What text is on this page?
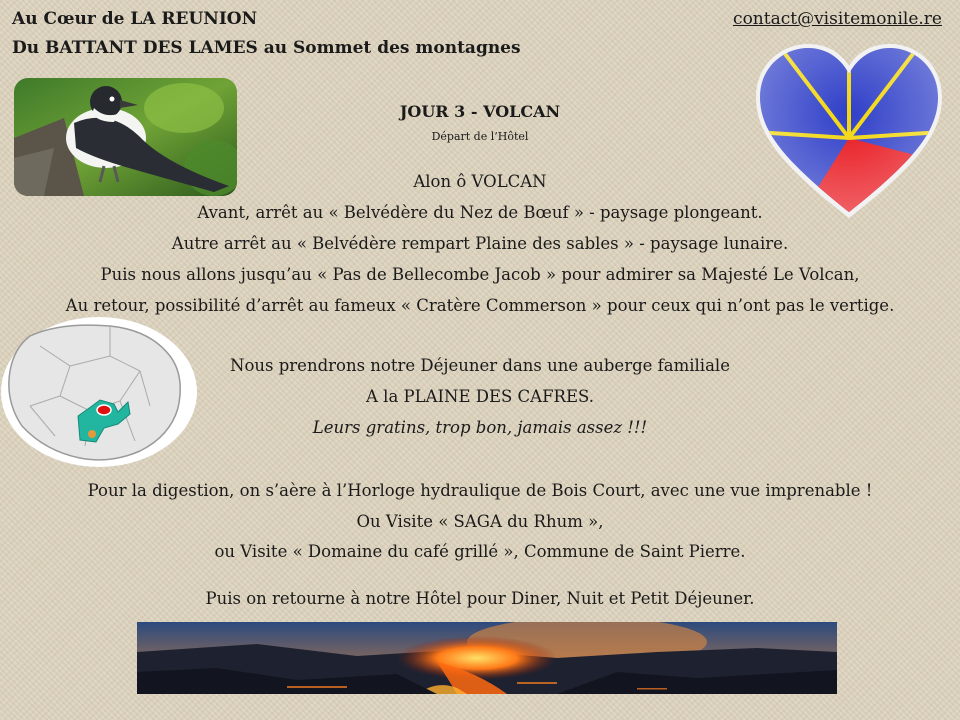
Au Cœur de LA REUNION
Du BATTANT DES LAMES au Sommet des montagnes
contact@visitemonile.re
JOUR 3 - VOLCAN
Départ de l’Hôtel
Alon ô VOLCAN
Avant, arrêt au « Belvédère du Nez de Bœuf » - paysage plongeant.
Autre arrêt au « Belvédère rempart Plaine des sables » - paysage lunaire.
Puis nous allons jusqu’au « Pas de Bellecombe Jacob » pour admirer sa Majesté Le Volcan,
Au retour, possibilité d’arrêt au fameux « Cratère Commerson » pour ceux qui n’ont pas le vertige.
Nous prendrons notre Déjeuner dans une auberge familiale
A la PLAINE DES CAFRES.
Leurs gratins, trop bon, jamais assez !!!
Pour la digestion, on s’aère à l’Horloge hydraulique de Bois Court, avec une vue imprenable !
Ou Visite « SAGA du Rhum »,
ou Visite « Domaine du café grillé », Commune de Saint Pierre.
Puis on retourne à notre Hôtel pour Diner, Nuit et Petit Déjeuner.
